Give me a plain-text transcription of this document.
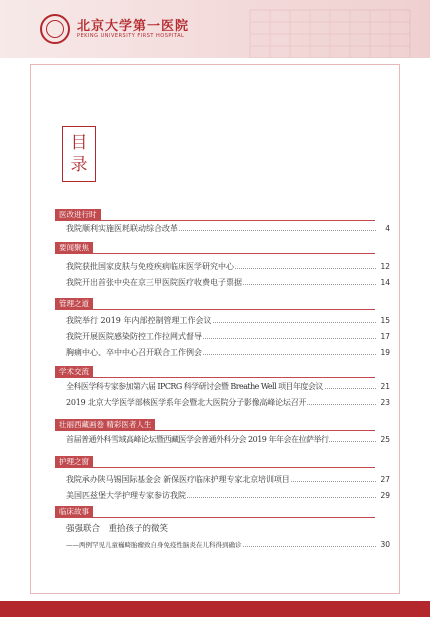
北京大学第一医院
PEKING UNIVERSITY FIRST HOSPITAL
目
录
医改进行时
我院顺利实施医耗联动综合改革	4
要闻聚焦
我院获批国家皮肤与免疫疾病临床医学研究中心	12
我院开出首张中央在京三甲医院医疗收费电子票据	14
管理之道
我院举行 2019 年内部控制管理工作会议	15
我院开展医院感染防控工作拉网式督导	17
胸痛中心、卒中中心召开联合工作例会	19
学术交流
全科医学科专家参加第六届 IPCRG 科学研讨会暨 Breathe Well 项目年度会议	21
2019 北京大学医学部核医学系年会暨北大医院分子影像高峰论坛召开	23
壮丽西藏画卷 精彩医者人生
首届普通外科雪域高峰论坛暨西藏医学会普通外科分会 2019 年年会在拉萨举行	25
护理之窗
我院承办陕马锡国际基金会 新保医疗临床护理专家北京培训项目	27
美国匹兹堡大学护理专家参访我院	29
临床故事
强强联合　重拾孩子的微笑
——两例罕见儿童巍畸胎瘤致自身免疫性脑炎在儿科得到确诊	30
